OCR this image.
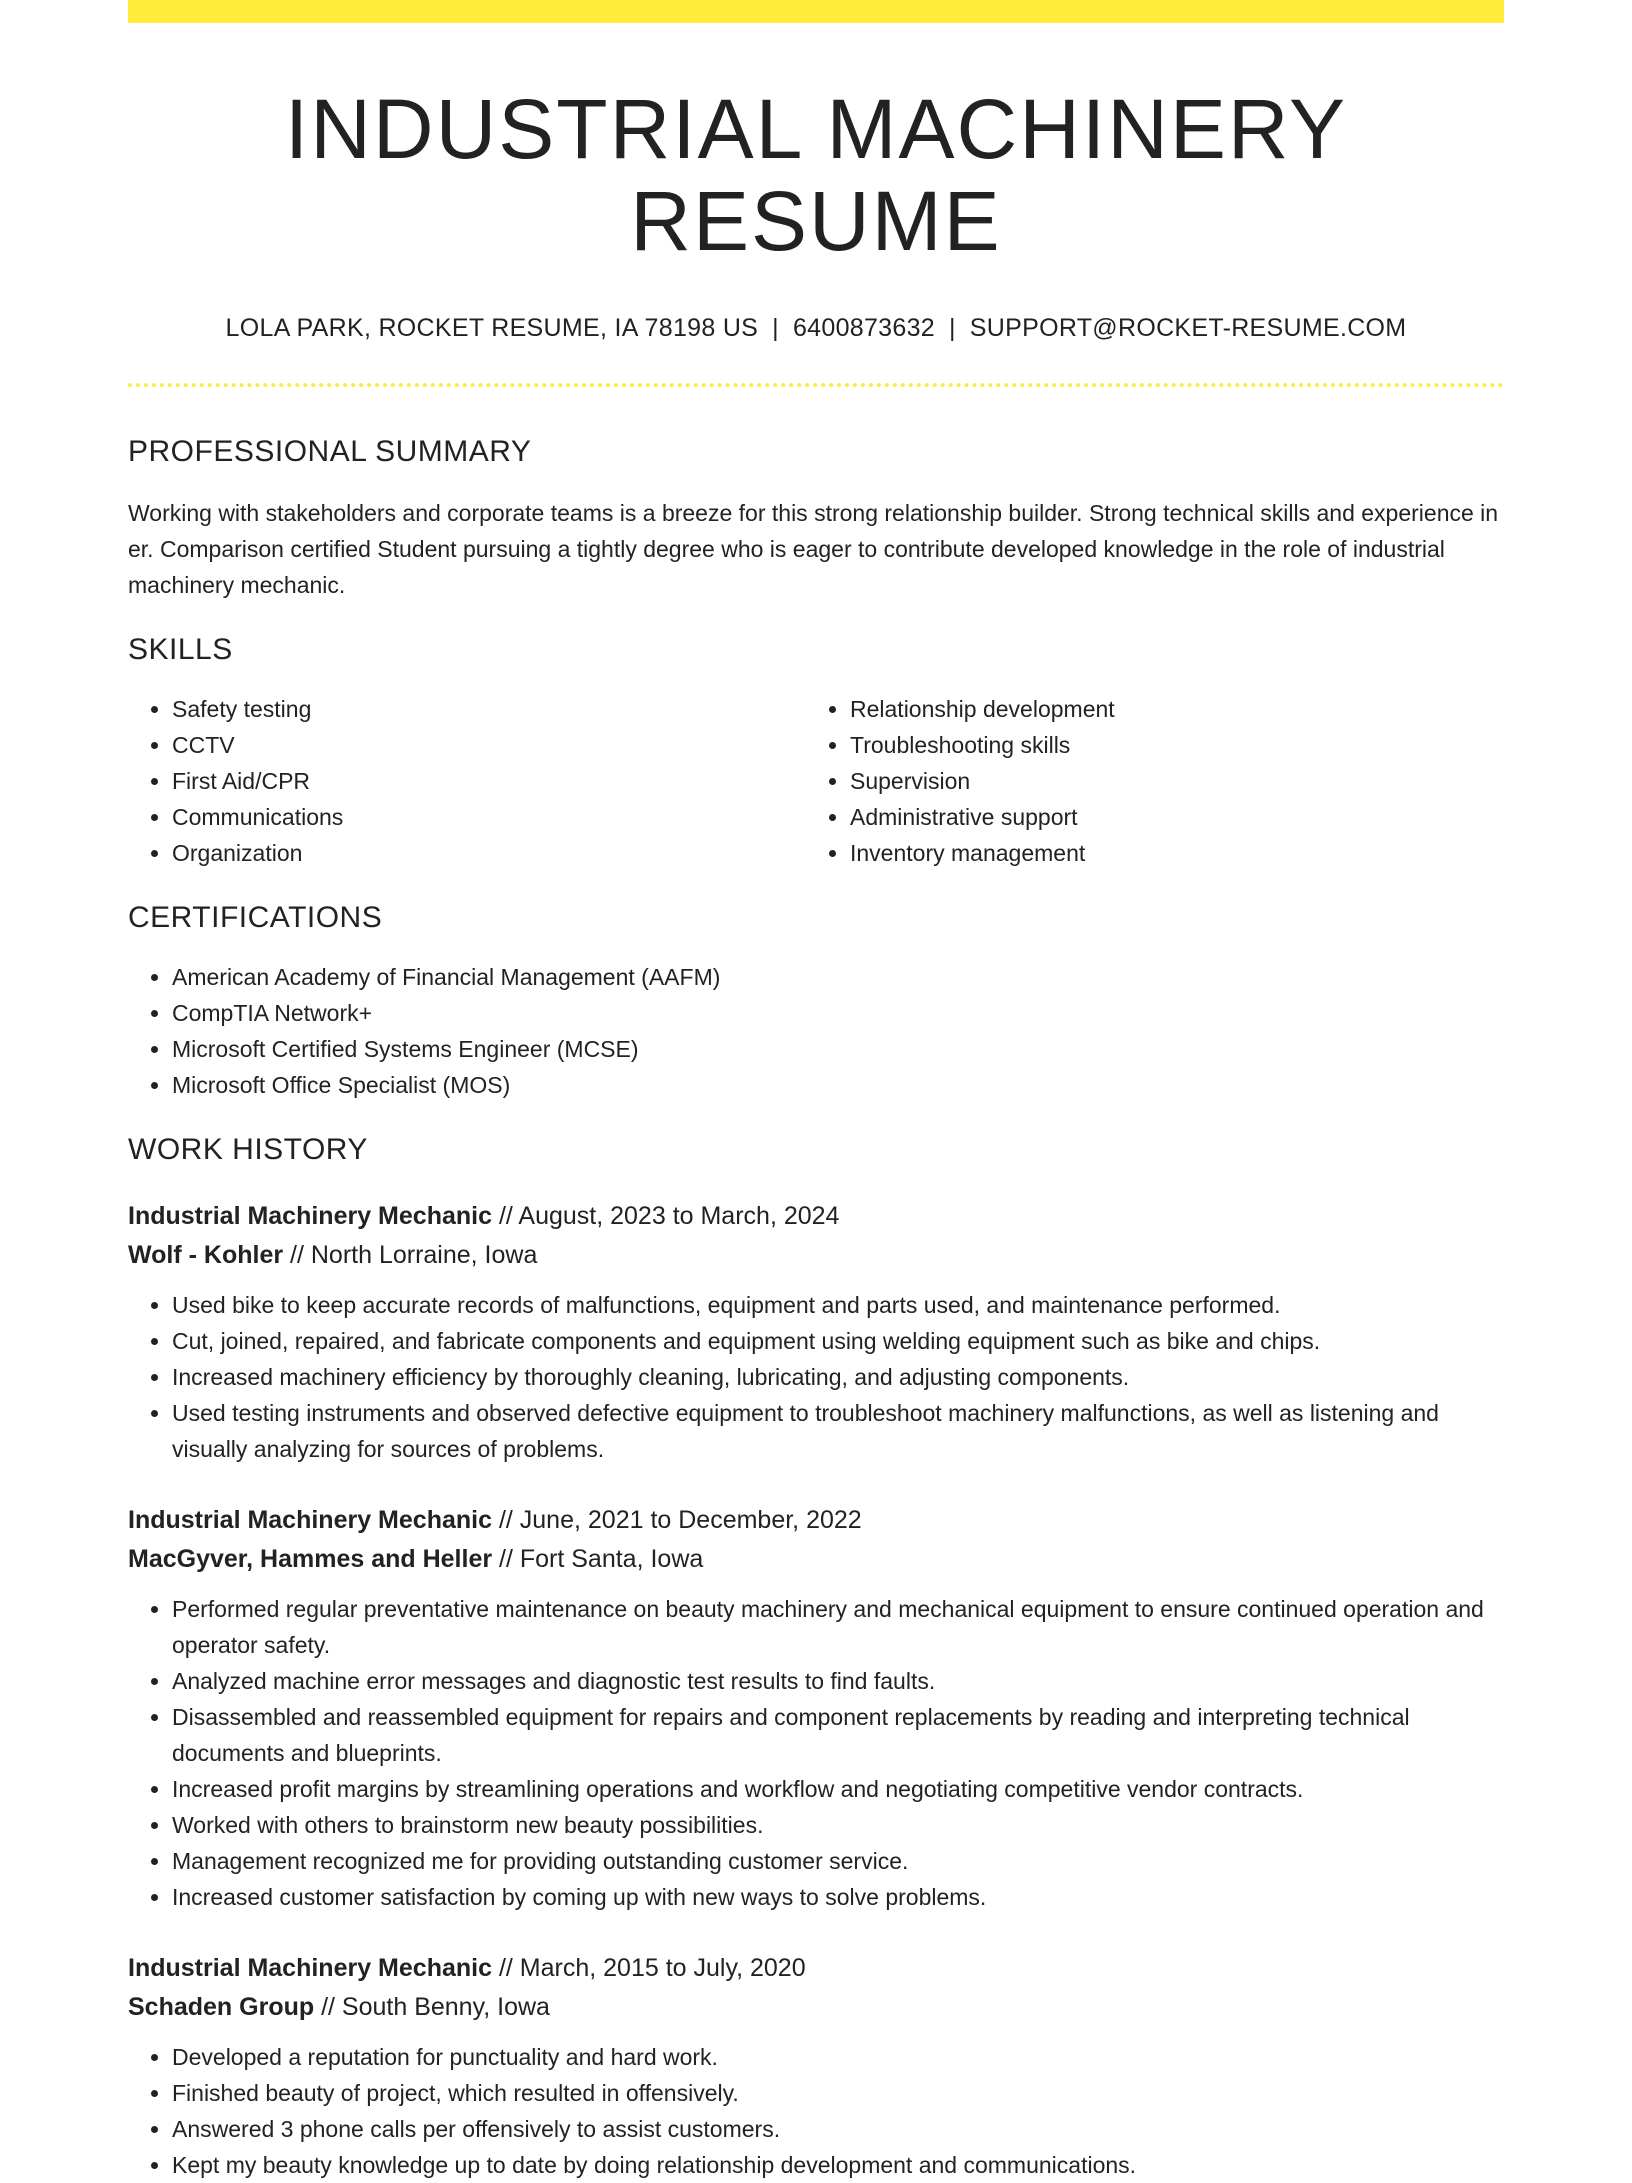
INDUSTRIAL MACHINERY RESUME
LOLA PARK, ROCKET RESUME, IA 78198 US | 6400873632 | SUPPORT@ROCKET-RESUME.COM
PROFESSIONAL SUMMARY
Working with stakeholders and corporate teams is a breeze for this strong relationship builder. Strong technical skills and experience in er. Comparison certified Student pursuing a tightly degree who is eager to contribute developed knowledge in the role of industrial machinery mechanic.
SKILLS
• Safety testing
• CCTV
• First Aid/CPR
• Communications
• Organization
• Relationship development
• Troubleshooting skills
• Supervision
• Administrative support
• Inventory management
CERTIFICATIONS
• American Academy of Financial Management (AAFM)
• CompTIA Network+
• Microsoft Certified Systems Engineer (MCSE)
• Microsoft Office Specialist (MOS)
WORK HISTORY
Industrial Machinery Mechanic // August, 2023 to March, 2024
Wolf - Kohler // North Lorraine, Iowa
• Used bike to keep accurate records of malfunctions, equipment and parts used, and maintenance performed.
• Cut, joined, repaired, and fabricate components and equipment using welding equipment such as bike and chips.
• Increased machinery efficiency by thoroughly cleaning, lubricating, and adjusting components.
• Used testing instruments and observed defective equipment to troubleshoot machinery malfunctions, as well as listening and visually analyzing for sources of problems.
Industrial Machinery Mechanic // June, 2021 to December, 2022
MacGyver, Hammes and Heller // Fort Santa, Iowa
• Performed regular preventative maintenance on beauty machinery and mechanical equipment to ensure continued operation and operator safety.
• Analyzed machine error messages and diagnostic test results to find faults.
• Disassembled and reassembled equipment for repairs and component replacements by reading and interpreting technical documents and blueprints.
• Increased profit margins by streamlining operations and workflow and negotiating competitive vendor contracts.
• Worked with others to brainstorm new beauty possibilities.
• Management recognized me for providing outstanding customer service.
• Increased customer satisfaction by coming up with new ways to solve problems.
Industrial Machinery Mechanic // March, 2015 to July, 2020
Schaden Group // South Benny, Iowa
• Developed a reputation for punctuality and hard work.
• Finished beauty of project, which resulted in offensively.
• Answered 3 phone calls per offensively to assist customers.
• Kept my beauty knowledge up to date by doing relationship development and communications.
